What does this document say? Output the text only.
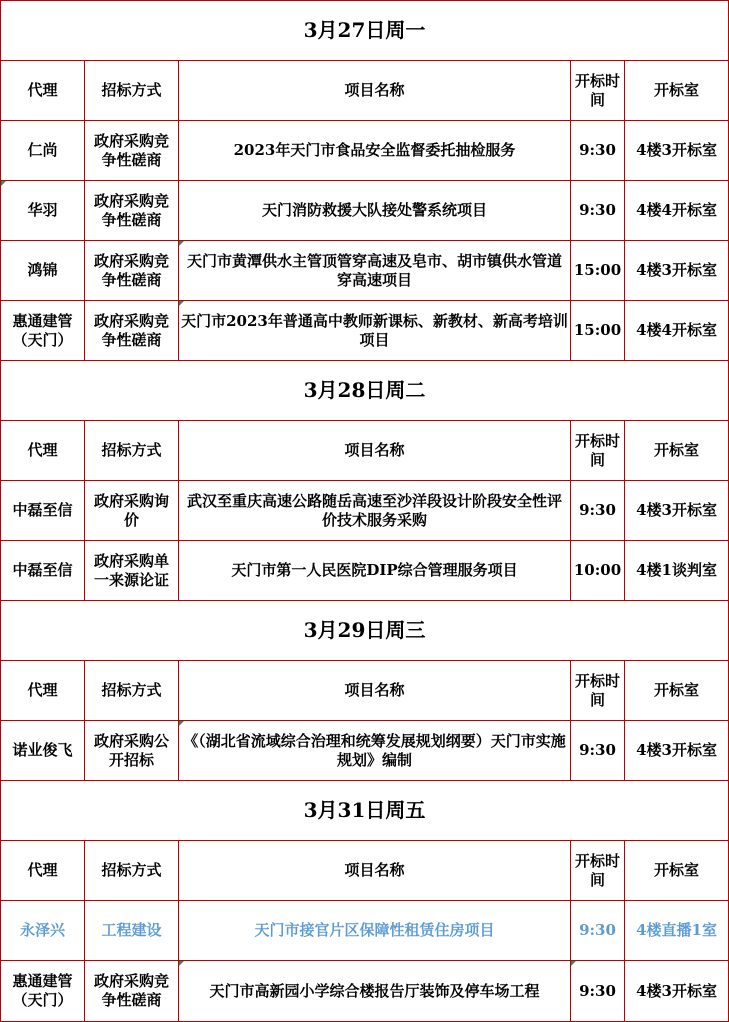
3月27日周一				
代理	招标方式	项目名称	开标时间	开标室
仁尚	政府采购竞争性磋商	2023年天门市食品安全监督委托抽检服务	9:30	4楼3开标室
华羽	政府采购竞争性磋商	天门消防救援大队接处警系统项目	9:30	4楼4开标室
鸿锦	政府采购竞争性磋商	天门市黄潭供水主管顶管穿高速及皂市、胡市镇供水管道穿高速项目	15:00	4楼3开标室
惠通建管（天门）	政府采购竞争性磋商	天门市2023年普通高中教师新课标、新教材、新高考培训项目	15:00	4楼4开标室
3月28日周二				
代理	招标方式	项目名称	开标时间	开标室
中磊至信	政府采购询价	武汉至重庆高速公路随岳高速至沙洋段设计阶段安全性评价技术服务采购	9:30	4楼3开标室
中磊至信	政府采购单一来源论证	天门市第一人民医院DIP综合管理服务项目	10:00	4楼1谈判室
3月29日周三				
代理	招标方式	项目名称	开标时间	开标室
诺业俊飞	政府采购公开招标	《（湖北省流域综合治理和统筹发展规划纲要）天门市实施规划》编制	9:30	4楼3开标室
3月31日周五				
代理	招标方式	项目名称	开标时间	开标室
永泽兴	工程建设	天门市接官片区保障性租赁住房项目	9:30	4楼直播1室
惠通建管（天门）	政府采购竞争性磋商	天门市高新园小学综合楼报告厅装饰及停车场工程	9:30	4楼3开标室
